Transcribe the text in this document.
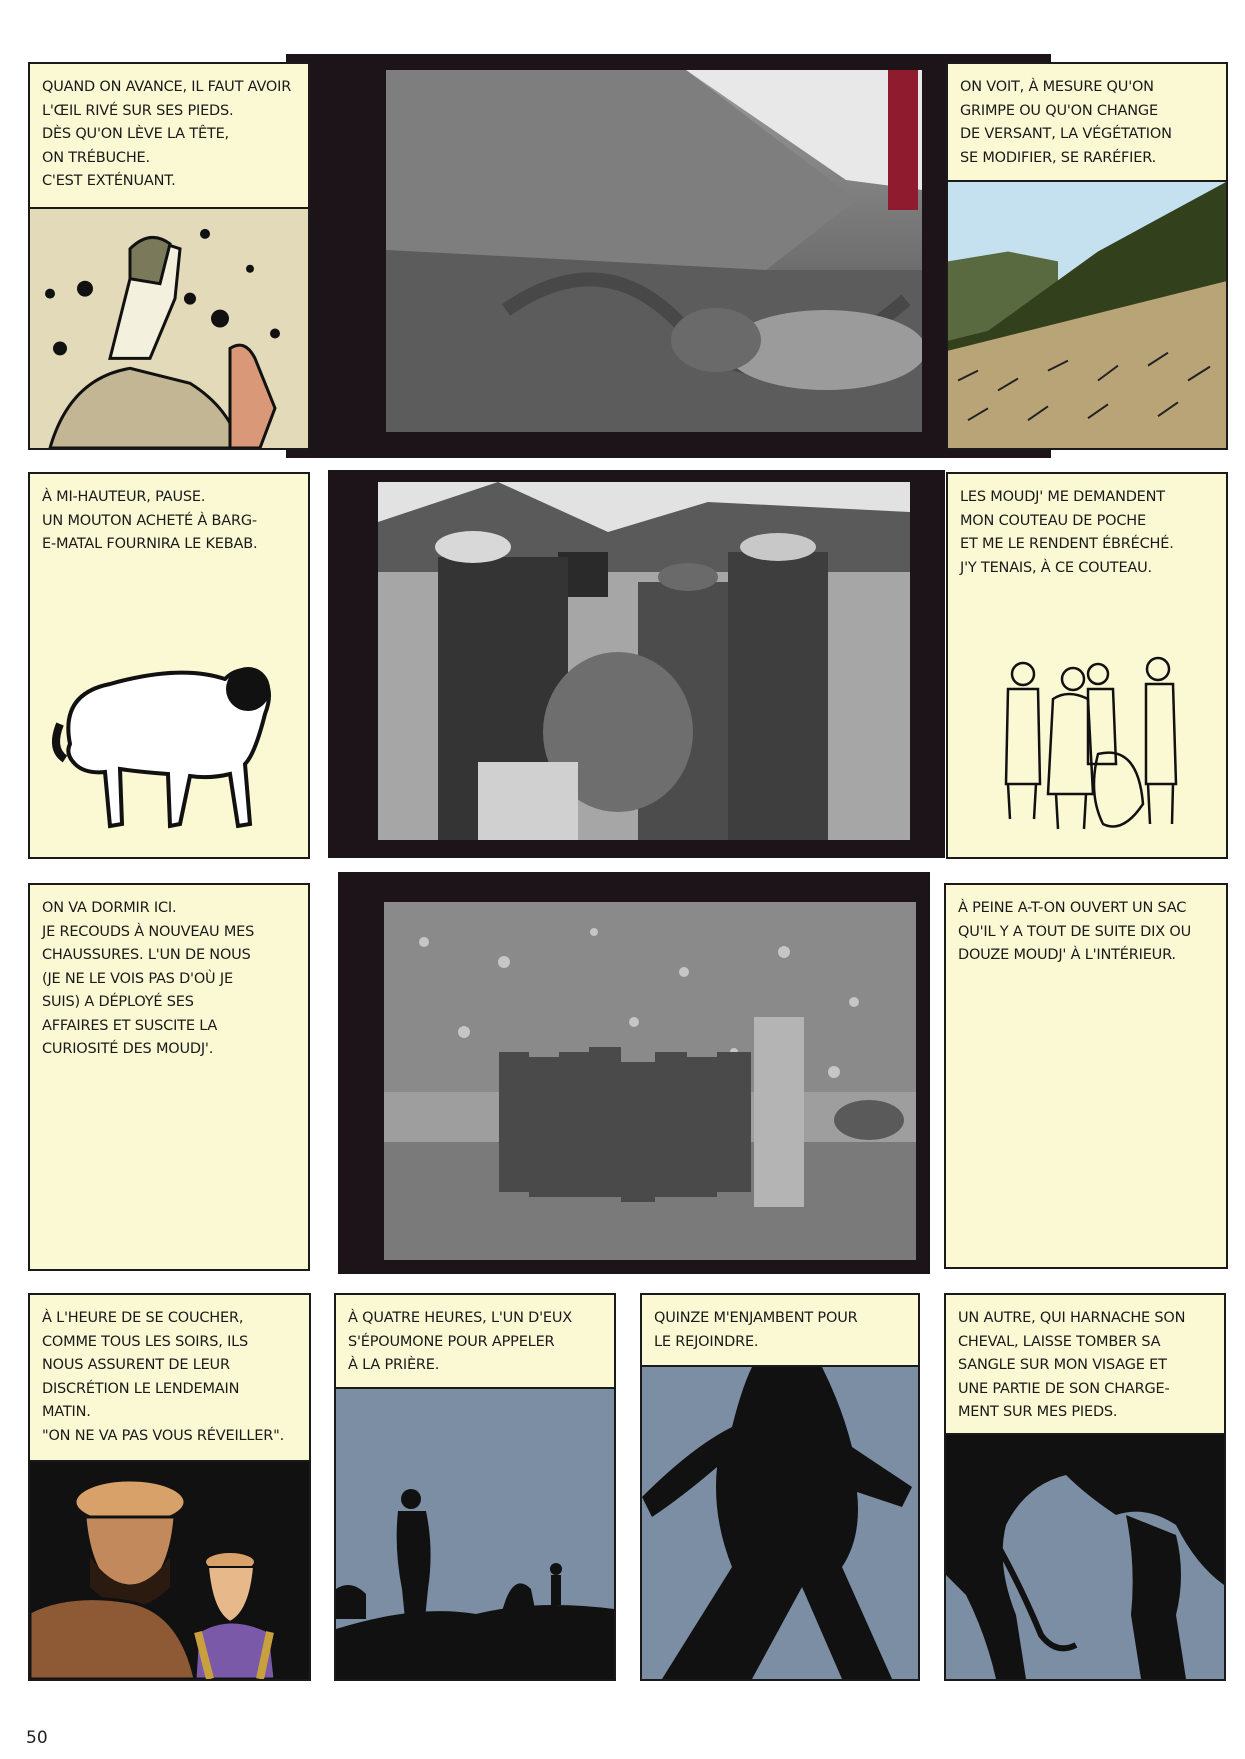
QUAND ON AVANCE, IL FAUT AVOIR
L'ŒIL RIVÉ SUR SES PIEDS.
DÈS QU'ON LÈVE LA TÊTE,
ON TRÉBUCHE.
C'EST EXTÉNUANT.
ON VOIT, À MESURE QU'ON
GRIMPE OU QU'ON CHANGE
DE VERSANT, LA VÉGÉTATION
SE MODIFIER, SE RARÉFIER.
À MI-HAUTEUR, PAUSE.
UN MOUTON ACHETÉ À BARG-
E-MATAL FOURNIRA LE KEBAB.
LES MOUDJ' ME DEMANDENT
MON COUTEAU DE POCHE
ET ME LE RENDENT ÉBRÉCHÉ.
J'Y TENAIS, À CE COUTEAU.
ON VA DORMIR ICI.
JE RECOUDS À NOUVEAU MES
CHAUSSURES. L'UN DE NOUS
(JE NE LE VOIS PAS D'OÙ JE
SUIS) A DÉPLOYÉ SES
AFFAIRES ET SUSCITE LA
CURIOSITÉ DES MOUDJ'.
À PEINE A-T-ON OUVERT UN SAC
QU'IL Y A TOUT DE SUITE DIX OU
DOUZE MOUDJ' À L'INTÉRIEUR.
À L'HEURE DE SE COUCHER,
COMME TOUS LES SOIRS, ILS
NOUS ASSURENT DE LEUR
DISCRÉTION LE LENDEMAIN
MATIN.
"ON NE VA PAS VOUS RÉVEILLER".
À QUATRE HEURES, L'UN D'EUX
S'ÉPOUMONE POUR APPELER
À LA PRIÈRE.
QUINZE M'ENJAMBENT POUR
LE REJOINDRE.
UN AUTRE, QUI HARNACHE SON
CHEVAL, LAISSE TOMBER SA
SANGLE SUR MON VISAGE ET
UNE PARTIE DE SON CHARGE-
MENT SUR MES PIEDS.
50
